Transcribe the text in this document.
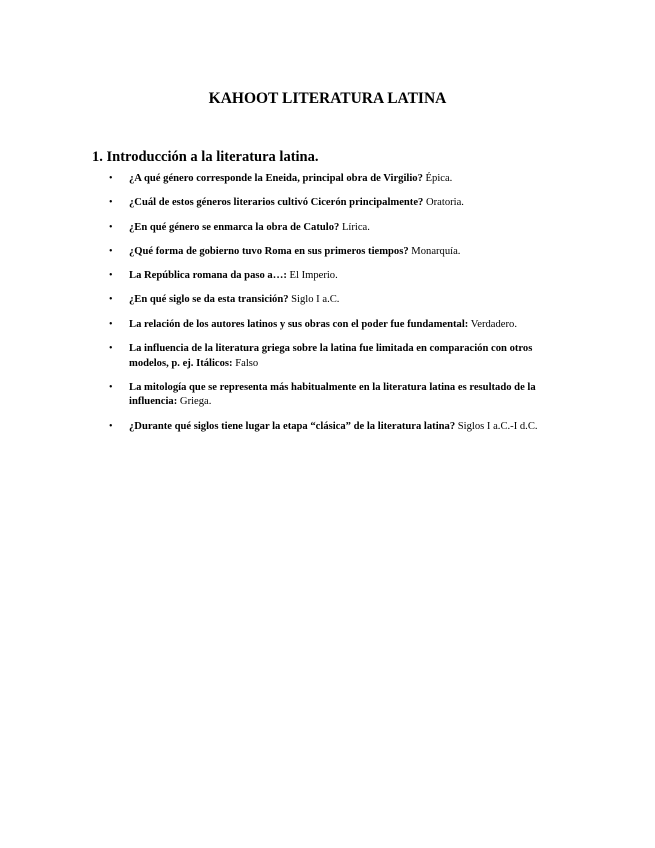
KAHOOT LITERATURA LATINA
1. Introducción a la literatura latina.
• ¿A qué género corresponde la Eneida, principal obra de Virgilio? Épica.
• ¿Cuál de estos géneros literarios cultivó Cicerón principalmente? Oratoria.
• ¿En qué género se enmarca la obra de Catulo? Lírica.
• ¿Qué forma de gobierno tuvo Roma en sus primeros tiempos? Monarquía.
• La República romana da paso a…: El Imperio.
• ¿En qué siglo se da esta transición? Siglo I a.C.
• La relación de los autores latinos y sus obras con el poder fue fundamental: Verdadero.
• La influencia de la literatura griega sobre la latina fue limitada en comparación con otros modelos, p. ej. Itálicos: Falso
• La mitología que se representa más habitualmente en la literatura latina es resultado de la influencia: Griega.
• ¿Durante qué siglos tiene lugar la etapa “clásica” de la literatura latina? Siglos I a.C.-I d.C.
